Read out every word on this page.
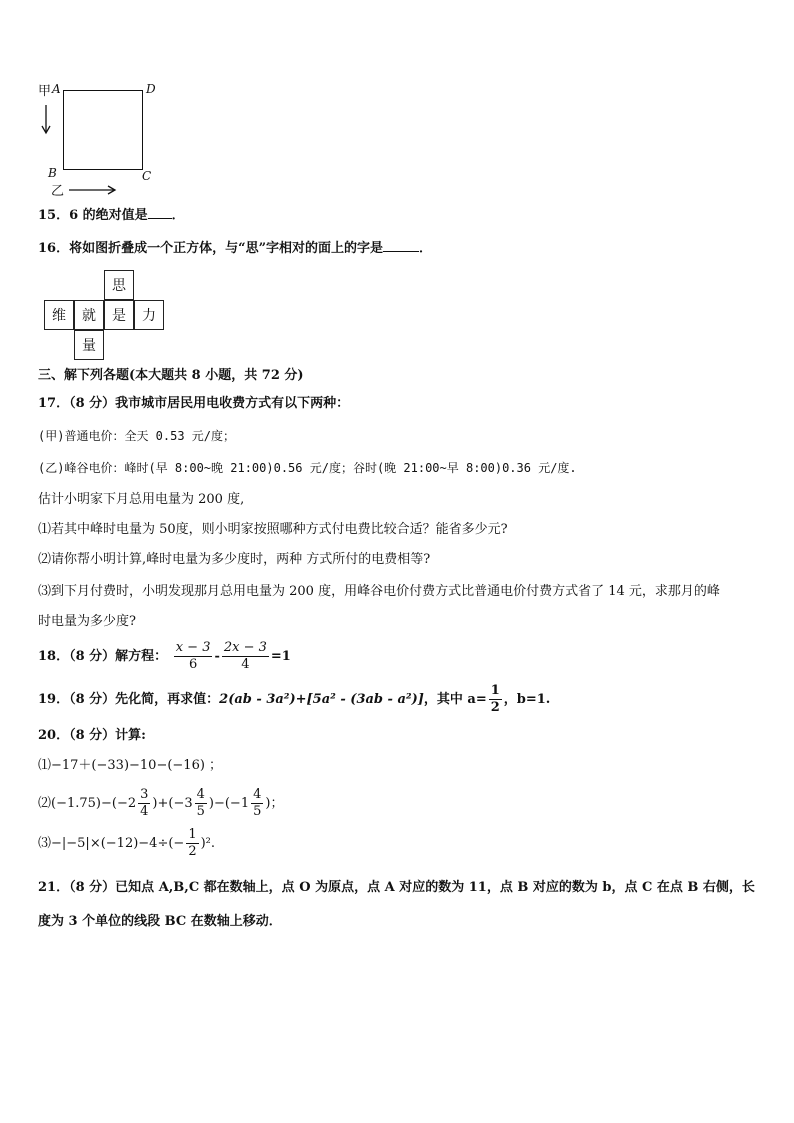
甲 A	D
B	C
乙
15．6 的绝对值是 ．
16．将如图折叠成一个正方体，与“思”字相对的面上的字是	．
思
维	就	是	力
量
三、解下列各题(本大题共 8 小题，共 72 分)
17．（8 分）我市城市居民用电收费方式有以下两种：
(甲)普通电价：全天 0.53 元/度；
(乙)峰谷电价：峰时(早 8:00~晚 21:00)0.56 元/度；谷时(晚 21:00~早 8:00)0.36 元/度.
估计小明家下月总用电量为 200 度,
⑴若其中峰时电量为 50度，则小明家按照哪种方式付电费比较合适？能省多少元?
⑵请你帮小明计算,峰时电量为多少度时，两种 方式所付的电费相等?
⑶到下月付费时，小明发现那月总用电量为 200 度，用峰谷电价付费方式比普通电价付费方式省了 14 元，求那月的峰
时电量为多少度?
18．（8 分）解方程： $\frac{x - 3}{6} - \frac{2x - 3}{4} =1$
19．（8 分）先化简，再求值：2(ab - 3a²)+[5a² - (3ab - a²)]，其中 $a= \frac{1}{2}$ ，b=1.
20．（8 分）计算:
⑴−17＋(−33)−10−(−16) ；
⑵(−1.75)−(−2 $\frac{3}{4} )+(-3 \frac{4}{5} )-(-1 \frac{4}{5}$ )；
⑶−|−5|×(−12)−4÷(− $\frac{1}{2} )^2$.
21．（8 分）已知点 A,B,C 都在数轴上，点 O 为原点，点 A 对应的数为 11，点 B 对应的数为 b，点 C 在点 B 右侧，长
度为 3 个单位的线段 BC 在数轴上移动．
